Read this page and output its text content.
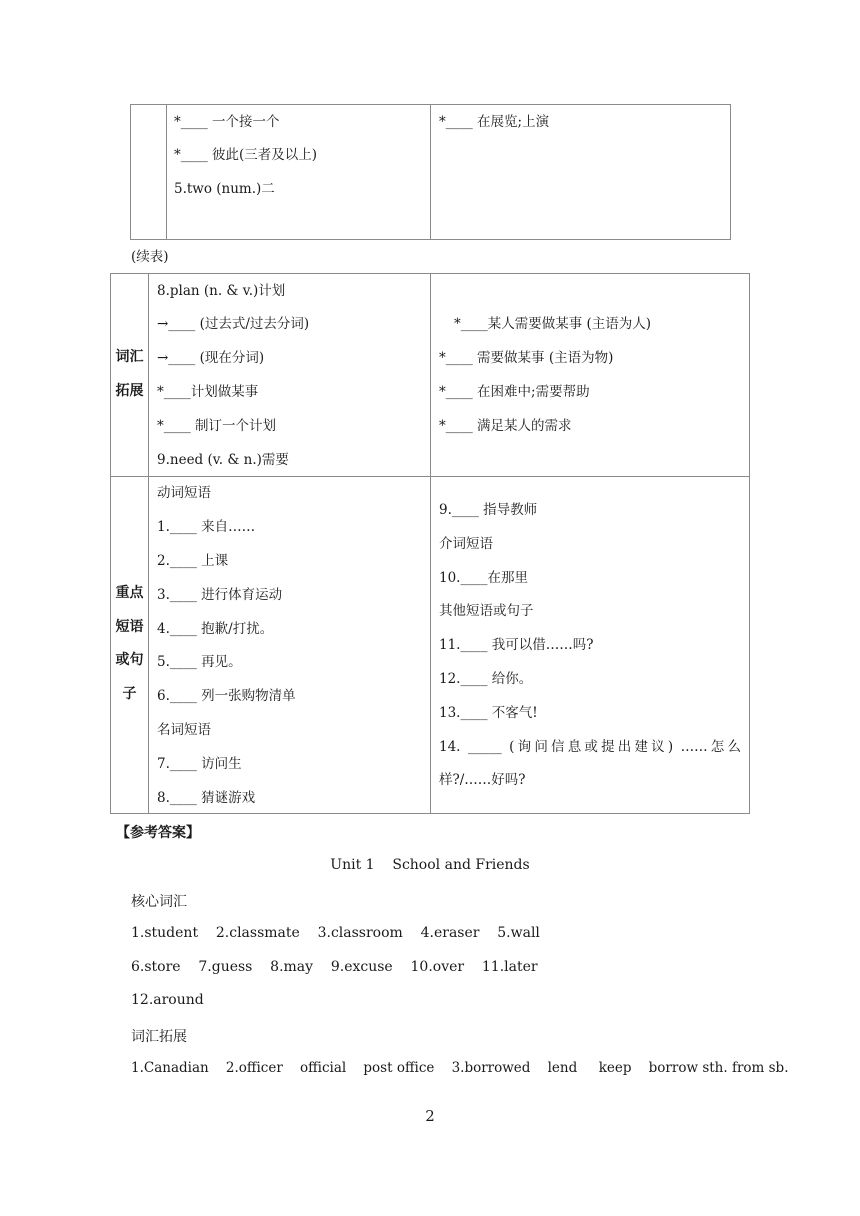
*____ 一个接一个
*____ 彼此(三者及以上)
5.two (num.)二
*____ 在展览;上演
(续表)
词汇
拓展
8.plan (n. & v.)计划
→____ (过去式/过去分词)
→____ (现在分词)
*____计划做某事
*____ 制订一个计划
9.need (v. & n.)需要
*____某人需要做某事 (主语为人)
*____ 需要做某事 (主语为物)
*____ 在困难中;需要帮助
*____ 满足某人的需求
重点
短语
或句
子
动词短语
1.____ 来自……
2.____ 上课
3.____ 进行体育运动
4.____ 抱歉/打扰。
5.____ 再见。
6.____ 列一张购物清单
名词短语
7.____ 访问生
8.____ 猜谜游戏
9.____ 指导教师
介词短语
10.____在那里
其他短语或句子
11.____ 我可以借……吗?
12.____ 给你。
13.____ 不客气!
14. _____ (询问信息或提出建议) ……怎么
样?/……好吗?
【参考答案】
Unit 1    School and Friends
核心词汇
1.student    2.classmate    3.classroom    4.eraser    5.wall
6.store    7.guess    8.may    9.excuse    10.over    11.later
12.around
词汇拓展
1.Canadian    2.officer    official    post office    3.borrowed    lend     keep    borrow sth. from sb.
2
